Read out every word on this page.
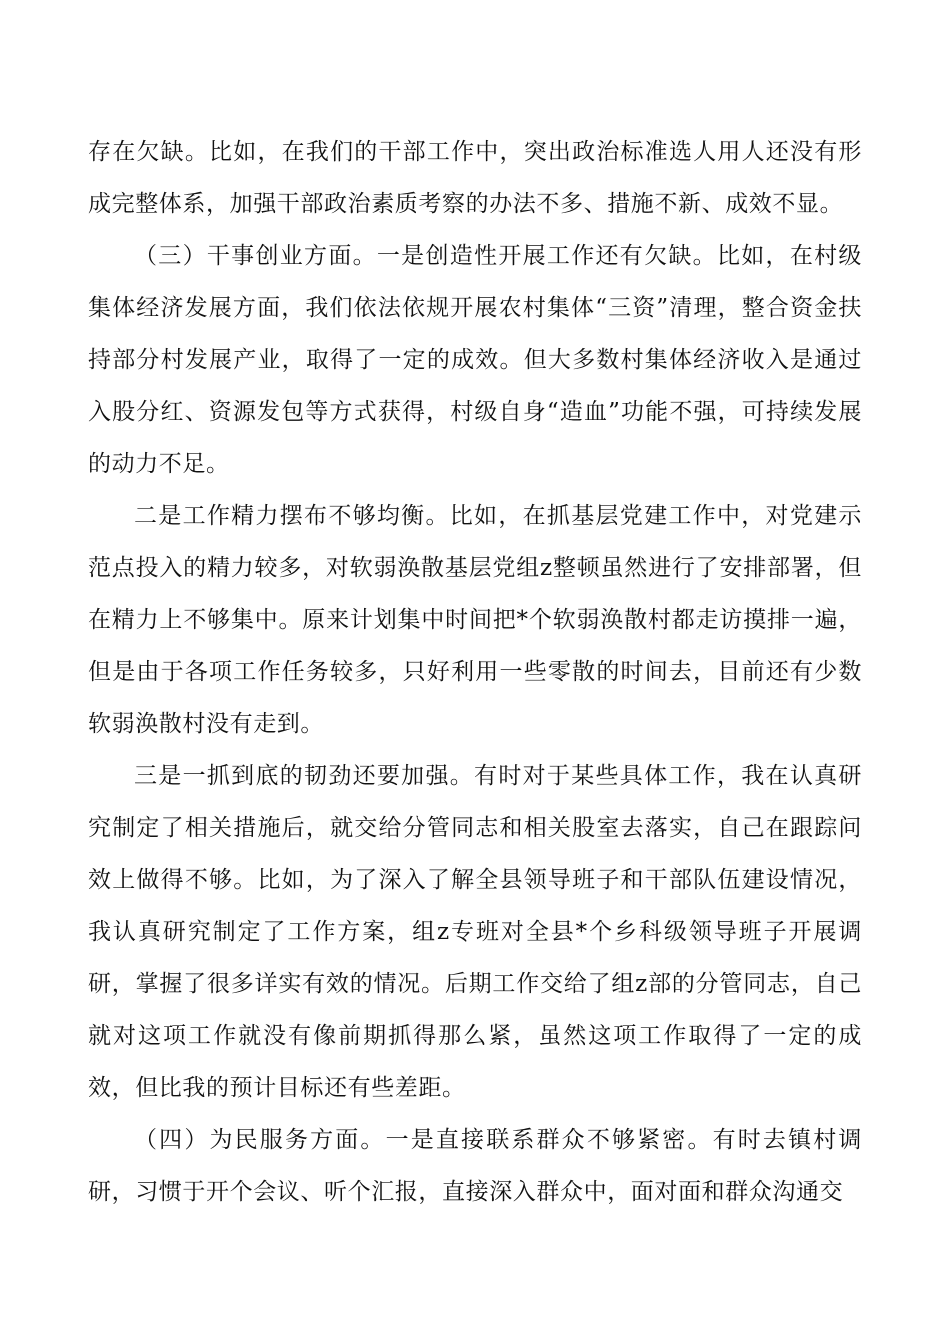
存在欠缺。比如，在我们的干部工作中，突出政治标准选人用人还没有形成完整体系，加强干部政治素质考察的办法不多、措施不新、成效不显。

（三）干事创业方面。一是创造性开展工作还有欠缺。比如，在村级集体经济发展方面，我们依法依规开展农村集体“三资”清理，整合资金扶持部分村发展产业，取得了一定的成效。但大多数村集体经济收入是通过入股分红、资源发包等方式获得，村级自身“造血”功能不强，可持续发展的动力不足。

二是工作精力摆布不够均衡。比如，在抓基层党建工作中，对党建示范点投入的精力较多，对软弱涣散基层党组z整顿虽然进行了安排部署，但在精力上不够集中。原来计划集中时间把*个软弱涣散村都走访摸排一遍，但是由于各项工作任务较多，只好利用一些零散的时间去，目前还有少数软弱涣散村没有走到。

三是一抓到底的韧劲还要加强。有时对于某些具体工作，我在认真研究制定了相关措施后，就交给分管同志和相关股室去落实，自己在跟踪问效上做得不够。比如，为了深入了解全县领导班子和干部队伍建设情况，我认真研究制定了工作方案，组z专班对全县*个乡科级领导班子开展调研，掌握了很多详实有效的情况。后期工作交给了组z部的分管同志，自己就对这项工作就没有像前期抓得那么紧，虽然这项工作取得了一定的成效，但比我的预计目标还有些差距。

（四）为民服务方面。一是直接联系群众不够紧密。有时去镇村调研，习惯于开个会议、听个汇报，直接深入群众中，面对面和群众沟通交
